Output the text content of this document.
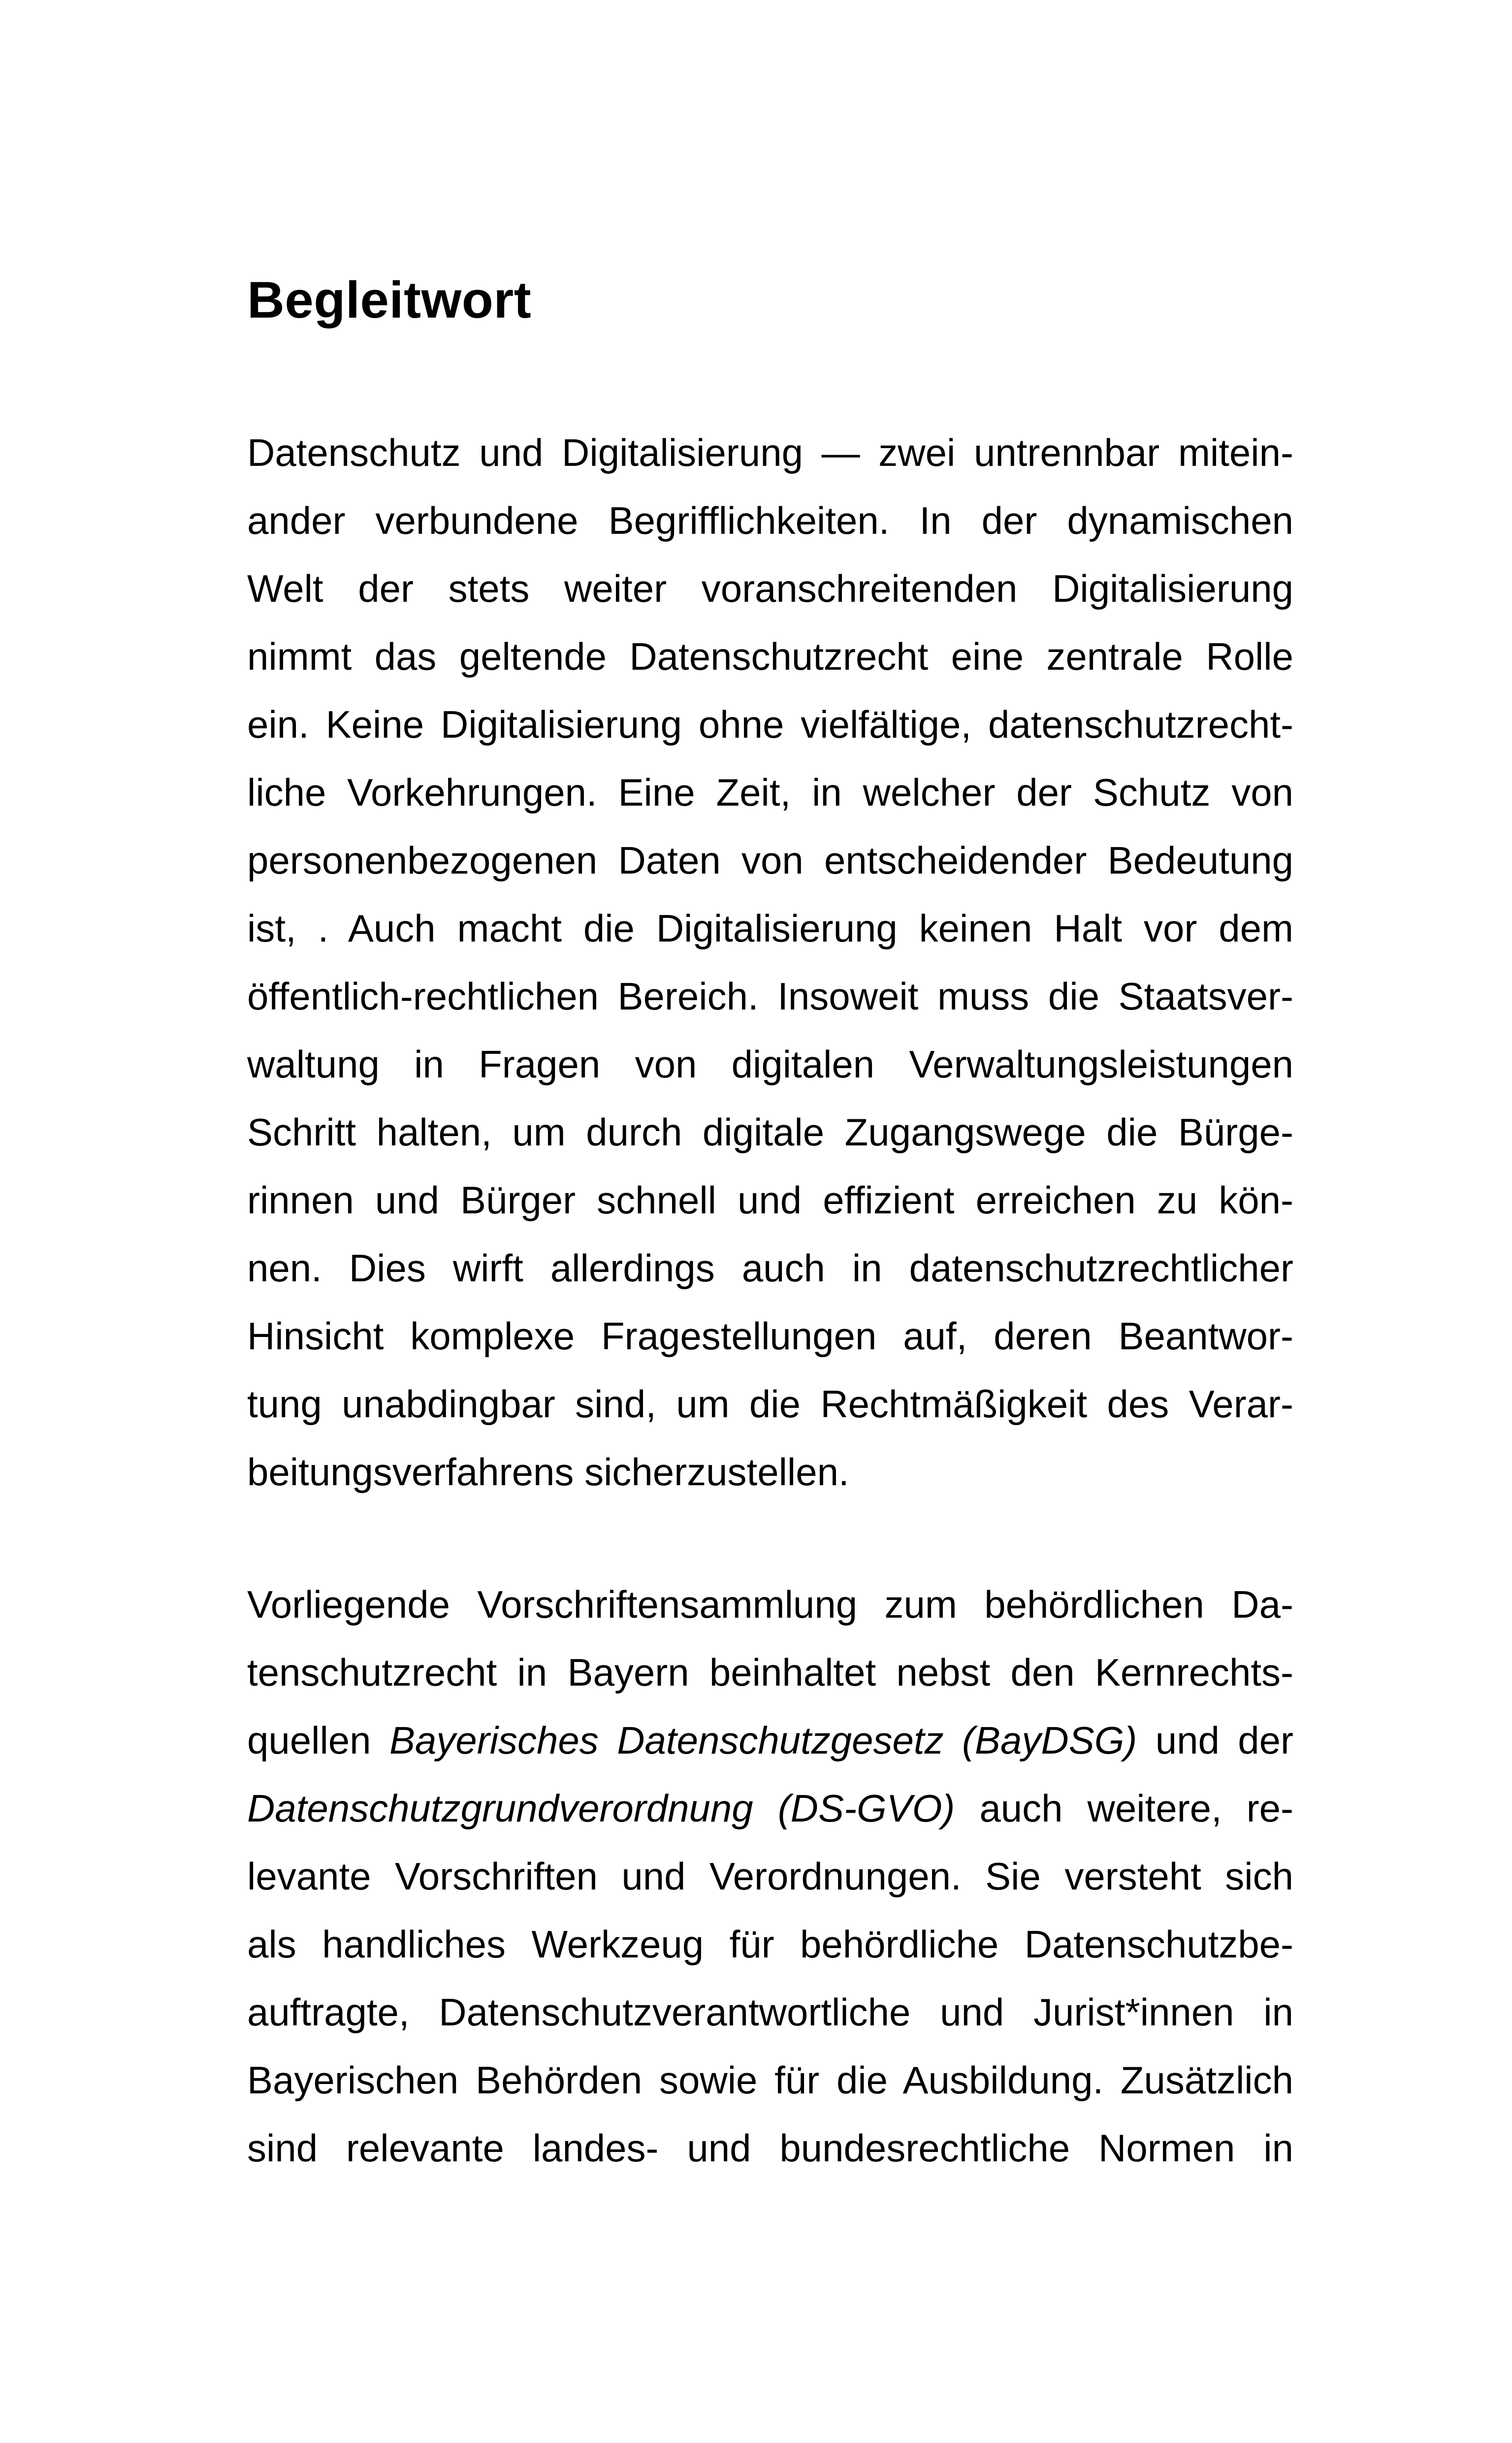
Begleitwort
Datenschutz und Digitalisierung — zwei untrennbar mitein-
ander verbundene Begrifflichkeiten. In der dynamischen
Welt der stets weiter voranschreitenden Digitalisierung
nimmt das geltende Datenschutzrecht eine zentrale Rolle
ein. Keine Digitalisierung ohne vielfältige, datenschutzrecht-
liche Vorkehrungen. Eine Zeit, in welcher der Schutz von
personenbezogenen Daten von entscheidender Bedeutung
ist, . Auch macht die Digitalisierung keinen Halt vor dem
öffentlich-rechtlichen Bereich. Insoweit muss die Staatsver-
waltung in Fragen von digitalen Verwaltungsleistungen
Schritt halten, um durch digitale Zugangswege die Bürge-
rinnen und Bürger schnell und effizient erreichen zu kön-
nen. Dies wirft allerdings auch in datenschutzrechtlicher
Hinsicht komplexe Fragestellungen auf, deren Beantwor-
tung unabdingbar sind, um die Rechtmäßigkeit des Verar-
beitungsverfahrens sicherzustellen.
Vorliegende Vorschriftensammlung zum behördlichen Da-
tenschutzrecht in Bayern beinhaltet nebst den Kernrechts-
quellen Bayerisches Datenschutzgesetz (BayDSG) und der
Datenschutzgrundverordnung (DS-GVO) auch weitere, re-
levante Vorschriften und Verordnungen. Sie versteht sich
als handliches Werkzeug für behördliche Datenschutzbe-
auftragte, Datenschutzverantwortliche und Jurist*innen in
Bayerischen Behörden sowie für die Ausbildung. Zusätzlich
sind relevante landes- und bundesrechtliche Normen in
